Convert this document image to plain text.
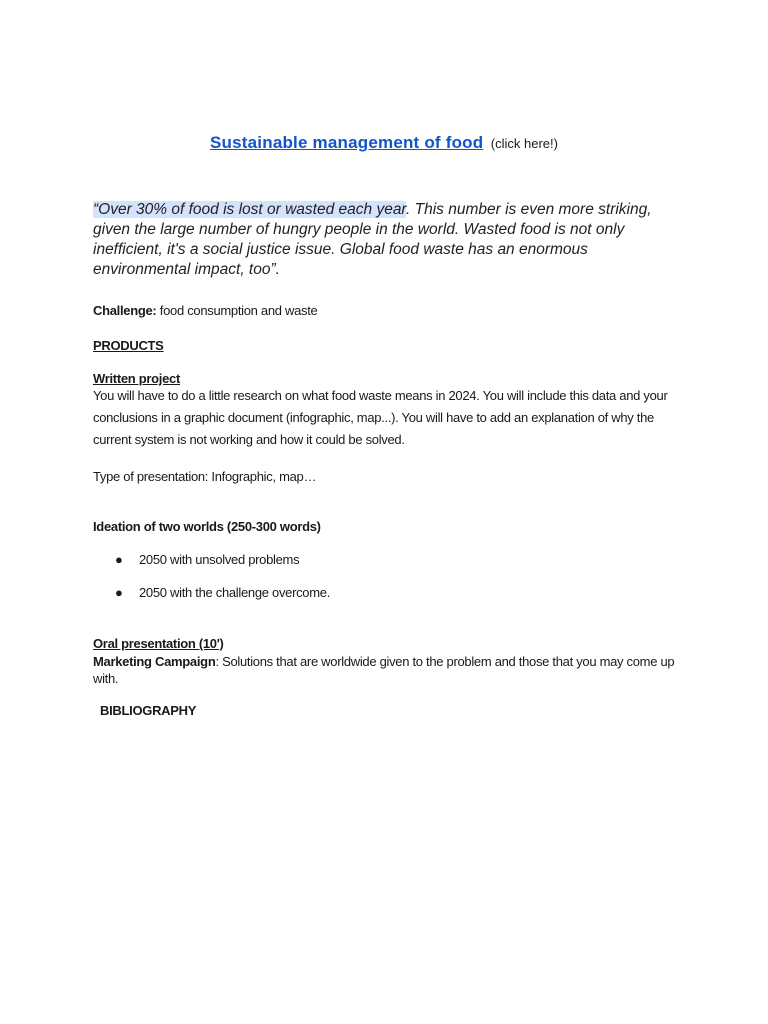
Sustainable management of food (click here!)
“Over 30% of food is lost or wasted each year. This number is even more striking, given the large number of hungry people in the world. Wasted food is not only inefficient, it's a social justice issue. Global food waste has an enormous environmental impact, too”.
Challenge: food consumption and waste
PRODUCTS
Written project
You will have to do a little research on what food waste means in 2024. You will include this data and your conclusions in a graphic document (infographic, map...). You will have to add an explanation of why the current system is not working and how it could be solved.
Type of presentation: Infographic, map…
Ideation of two worlds (250-300 words)
● 2050 with unsolved problems
● 2050 with the challenge overcome.
Oral presentation (10')
Marketing Campaign: Solutions that are worldwide given to the problem and those that you may come up with.
BIBLIOGRAPHY
